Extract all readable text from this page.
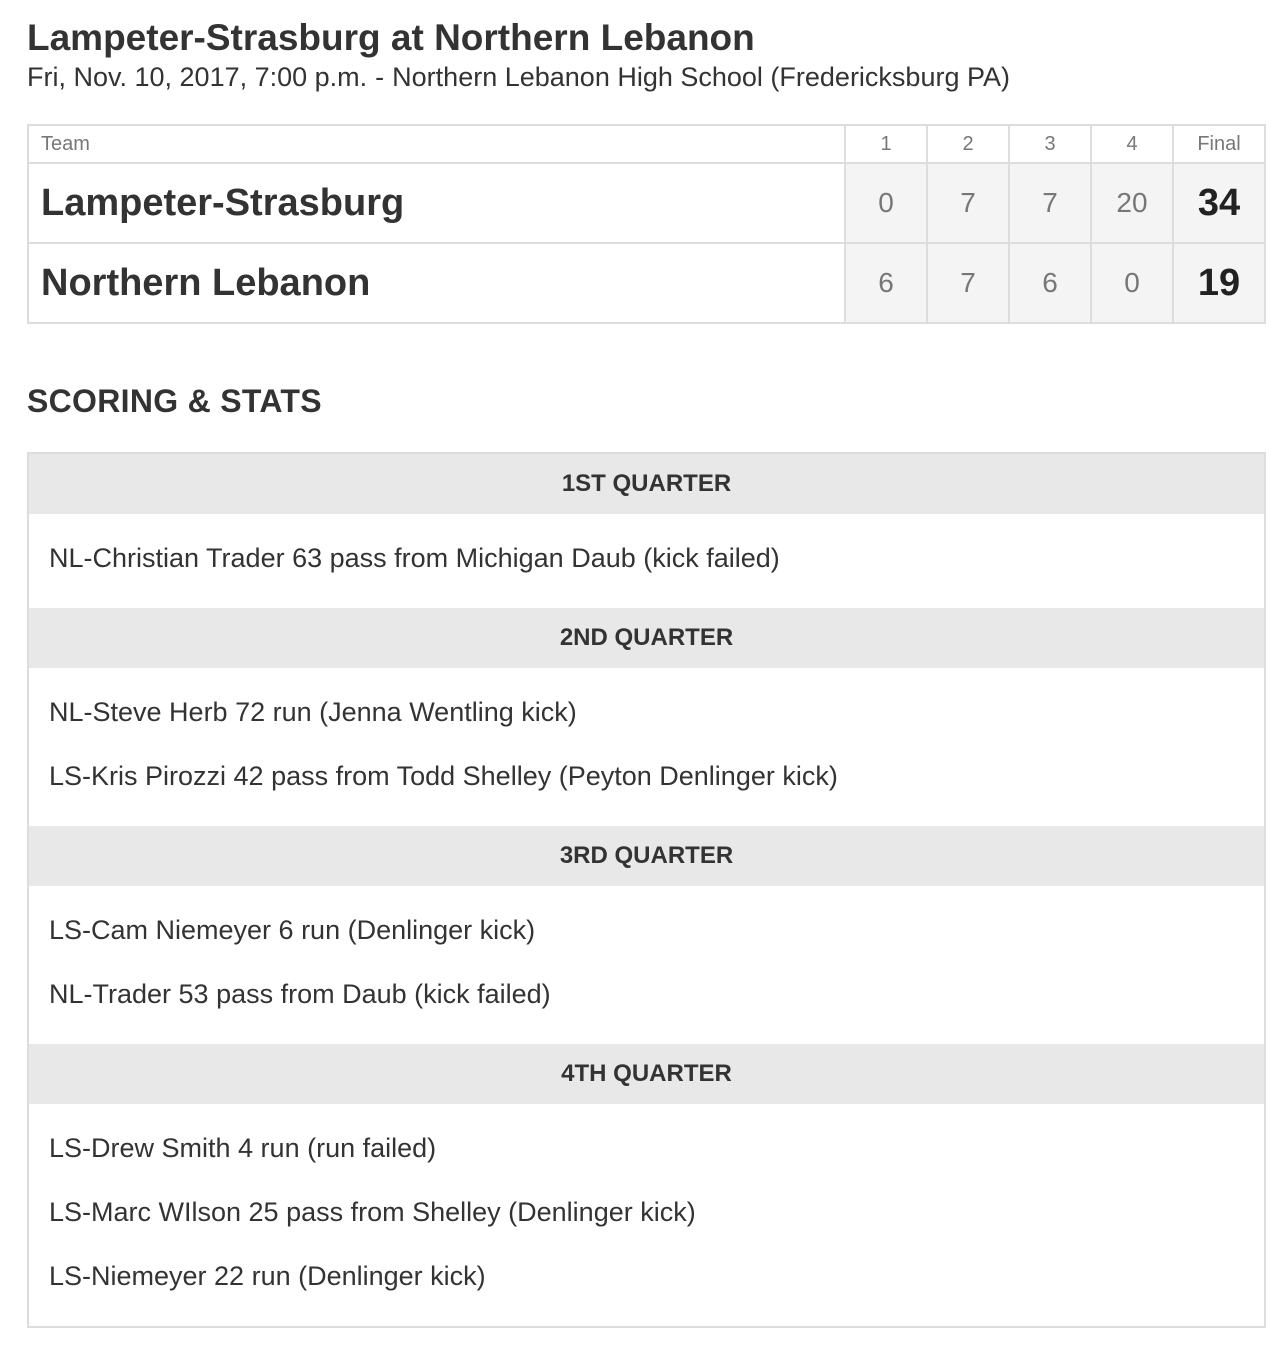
Lampeter-Strasburg at Northern Lebanon

Fri, Nov. 10, 2017, 7:00 p.m. - Northern Lebanon High School (Fredericksburg PA)

Team	1	2	3	4	Final
Lampeter-Strasburg	0	7	7	20	34
Northern Lebanon	6	7	6	0	19
SCORING & STATS
1ST QUARTER
NL-Christian Trader 63 pass from Michigan Daub (kick failed)
2ND QUARTER
NL-Steve Herb 72 run (Jenna Wentling kick)
LS-Kris Pirozzi 42 pass from Todd Shelley (Peyton Denlinger kick)
3RD QUARTER
LS-Cam Niemeyer 6 run (Denlinger kick)
NL-Trader 53 pass from Daub (kick failed)
4TH QUARTER
LS-Drew Smith 4 run (run failed)
LS-Marc WIlson 25 pass from Shelley (Denlinger kick)
LS-Niemeyer 22 run (Denlinger kick)
